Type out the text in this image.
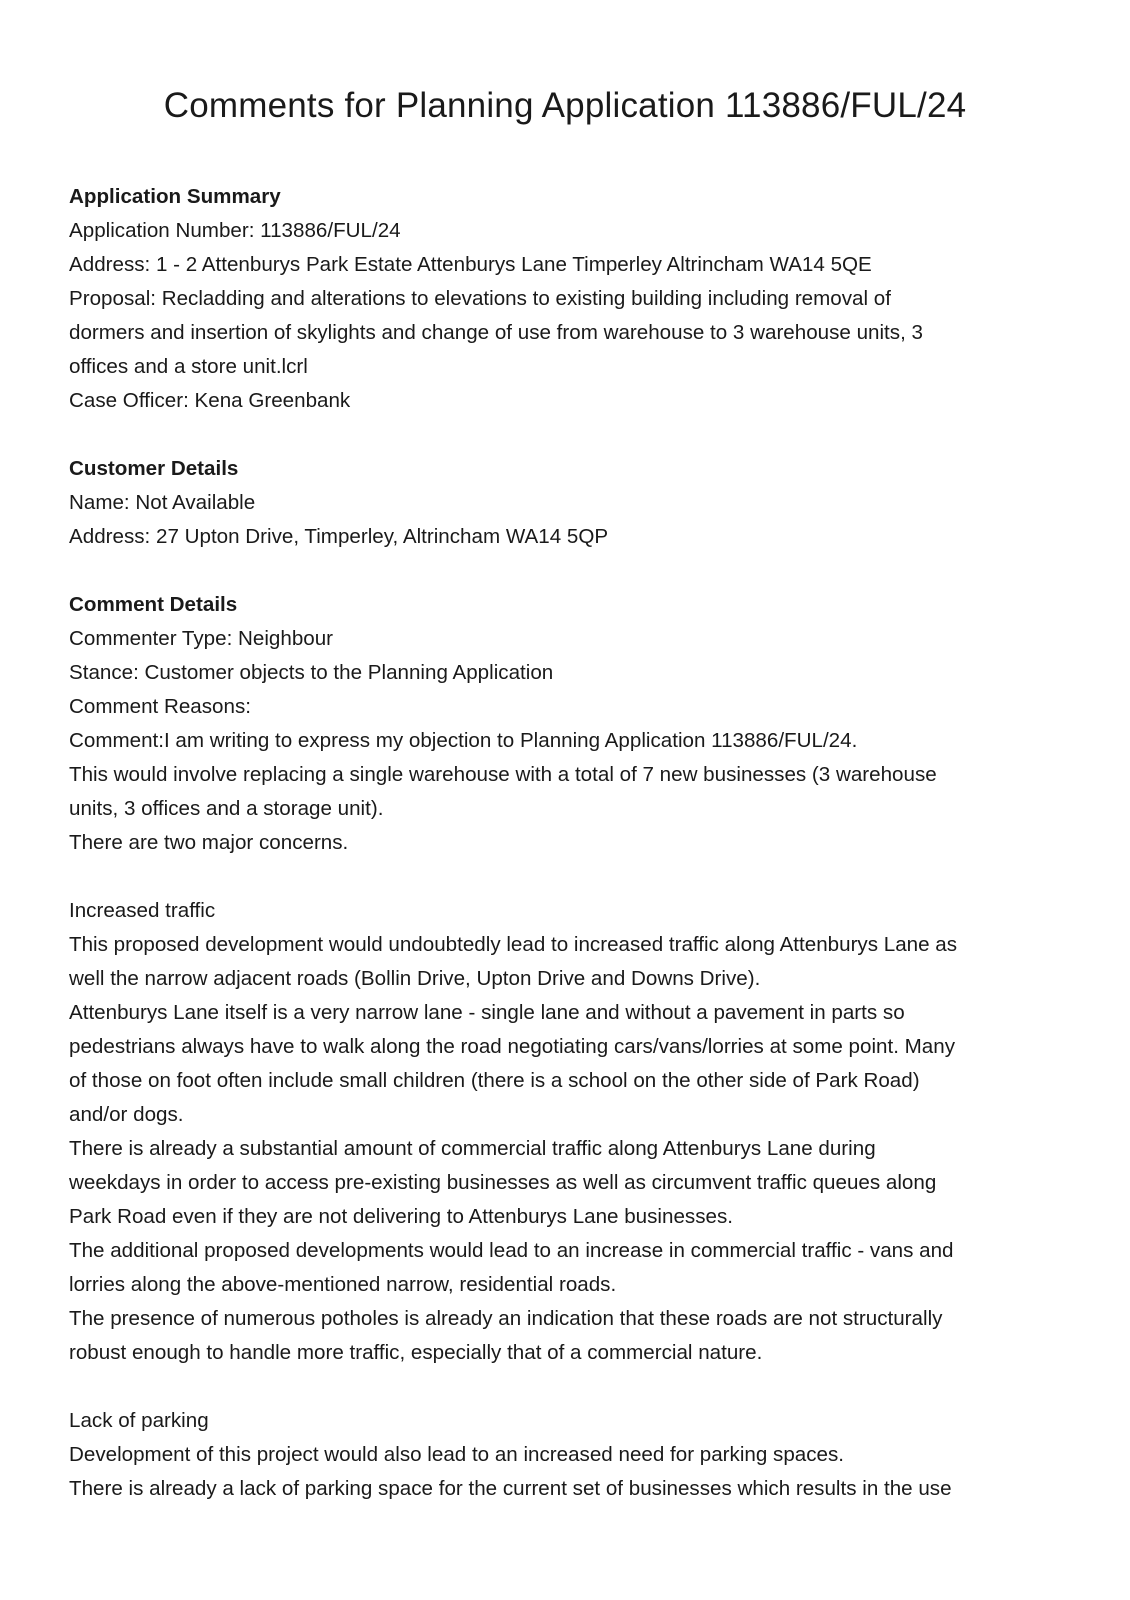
Comments for Planning Application 113886/FUL/24

Application Summary

Application Number: 113886/FUL/24

Address: 1 - 2 Attenburys Park Estate Attenburys Lane Timperley Altrincham WA14 5QE

Proposal: Recladding and alterations to elevations to existing building including removal of

dormers and insertion of skylights and change of use from warehouse to 3 warehouse units, 3

offices and a store unit.lcrl

Case Officer: Kena Greenbank

Customer Details

Name: Not Available

Address: 27 Upton Drive, Timperley, Altrincham WA14 5QP

Comment Details

Commenter Type: Neighbour

Stance: Customer objects to the Planning Application

Comment Reasons:

Comment:I am writing to express my objection to Planning Application 113886/FUL/24.

This would involve replacing a single warehouse with a total of 7 new businesses (3 warehouse

units, 3 offices and a storage unit).

There are two major concerns.

Increased traffic

This proposed development would undoubtedly lead to increased traffic along Attenburys Lane as

well the narrow adjacent roads (Bollin Drive, Upton Drive and Downs Drive).

Attenburys Lane itself is a very narrow lane - single lane and without a pavement in parts so

pedestrians always have to walk along the road negotiating cars/vans/lorries at some point. Many

of those on foot often include small children (there is a school on the other side of Park Road)

and/or dogs.

There is already a substantial amount of commercial traffic along Attenburys Lane during

weekdays in order to access pre-existing businesses as well as circumvent traffic queues along

Park Road even if they are not delivering to Attenburys Lane businesses.

The additional proposed developments would lead to an increase in commercial traffic - vans and

lorries along the above-mentioned narrow, residential roads.

The presence of numerous potholes is already an indication that these roads are not structurally

robust enough to handle more traffic, especially that of a commercial nature.

Lack of parking

Development of this project would also lead to an increased need for parking spaces.

There is already a lack of parking space for the current set of businesses which results in the use
